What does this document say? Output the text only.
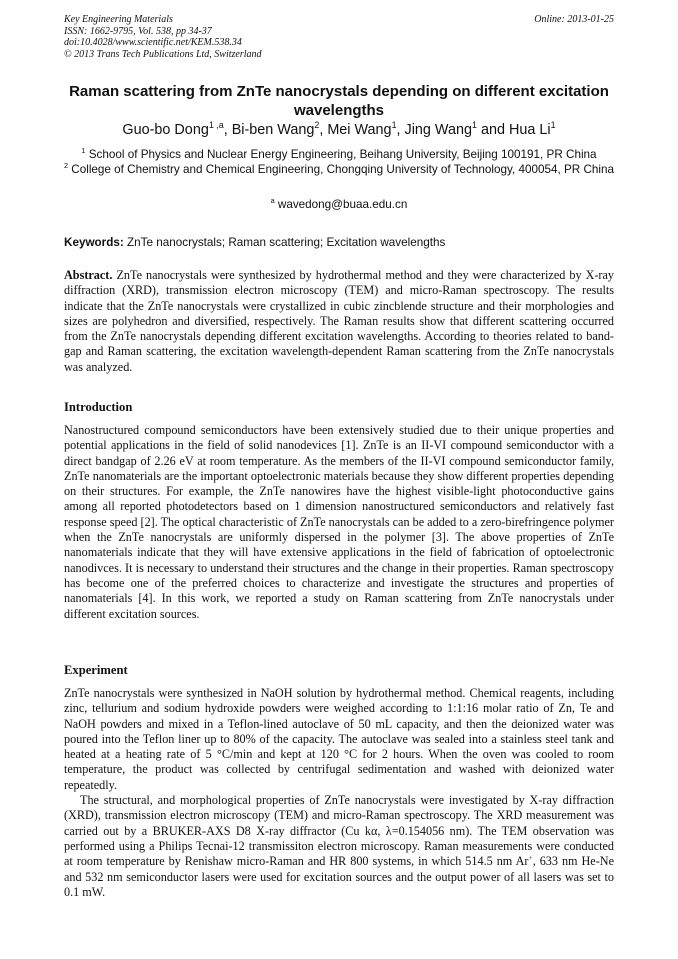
Key Engineering Materials
ISSN: 1662-9795, Vol. 538, pp 34-37
doi:10.4028/www.scientific.net/KEM.538.34
© 2013 Trans Tech Publications Ltd, Switzerland
Online: 2013-01-25
Raman scattering from ZnTe nanocrystals depending on different excitation wavelengths
Guo-bo Dong$^{1 ,a}$, Bi-ben Wang$^2$, Mei Wang$^1$, Jing Wang$^1$ and Hua Li$^1$
$^1$ School of Physics and Nuclear Energy Engineering, Beihang University, Beijing 100191, PR China
$^2$ College of Chemistry and Chemical Engineering, Chongqing University of Technology, 400054, PR China
$^a$ wavedong@buaa.edu.cn
Keywords: ZnTe nanocrystals; Raman scattering; Excitation wavelengths

Abstract. ZnTe nanocrystals were synthesized by hydrothermal method and they were characterized by X-ray diffraction (XRD), transmission electron microscopy (TEM) and micro-Raman spectroscopy. The results indicate that the ZnTe nanocrystals were crystallized in cubic zincblende structure and their morphologies and sizes are polyhedron and diversified, respectively. The Raman results show that different scattering occurred from the ZnTe nanocrystals depending different excitation wavelengths. According to theories related to band-gap and Raman scattering, the excitation wavelength-dependent Raman scattering from the ZnTe nanocrystals was analyzed.

Introduction

Nanostructured compound semiconductors have been extensively studied due to their unique properties and potential applications in the field of solid nanodevices [1]. ZnTe is an II-VI compound semiconductor with a direct bandgap of 2.26 eV at room temperature. As the members of the II-VI compound semiconductor family, ZnTe nanomaterials are the important optoelectronic materials because they show different properties depending on their structures. For example, the ZnTe nanowires have the highest visible-light photoconductive gains among all reported photodetectors based on 1 dimension nanostructured semiconductors and relatively fast response speed [2]. The optical characteristic of ZnTe nanocrystals can be added to a zero-birefringence polymer when the ZnTe nanocrystals are uniformly dispersed in the polymer [3]. The above properties of ZnTe nanomaterials indicate that they will have extensive applications in the field of fabrication of optoelectronic nanodivces. It is necessary to understand their structures and the change in their properties. Raman spectroscopy has become one of the preferred choices to characterize and investigate the structures and properties of nanomaterials [4]. In this work, we reported a study on Raman scattering from ZnTe nanocrystals under different excitation sources.

Experiment

ZnTe nanocrystals were synthesized in NaOH solution by hydrothermal method. Chemical reagents, including zinc, tellurium and sodium hydroxide powders were weighed according to 1:1:16 molar ratio of Zn, Te and NaOH powders and mixed in a Teflon-lined autoclave of 50 mL capacity, and then the deionized water was poured into the Teflon liner up to 80% of the capacity. The autoclave was sealed into a stainless steel tank and heated at a heating rate of 5 °C/min and kept at 120 °C for 2 hours. When the oven was cooled to room temperature, the product was collected by centrifugal sedimentation and washed with deionized water repeatedly.

The structural, and morphological properties of ZnTe nanocrystals were investigated by X-ray diffraction (XRD), transmission electron microscopy (TEM) and micro-Raman spectroscopy. The XRD measurement was carried out by a BRUKER-AXS D8 X-ray diffractor (Cu kα, λ=0.154056 nm). The TEM observation was performed using a Philips Tecnai-12 transmissiton electron microscopy. Raman measurements were conducted at room temperature by Renishaw micro-Raman and HR 800 systems, in which 514.5 nm Ar+, 633 nm He-Ne and 532 nm semiconductor lasers were used for excitation sources and the output power of all lasers was set to 0.1 mW.
